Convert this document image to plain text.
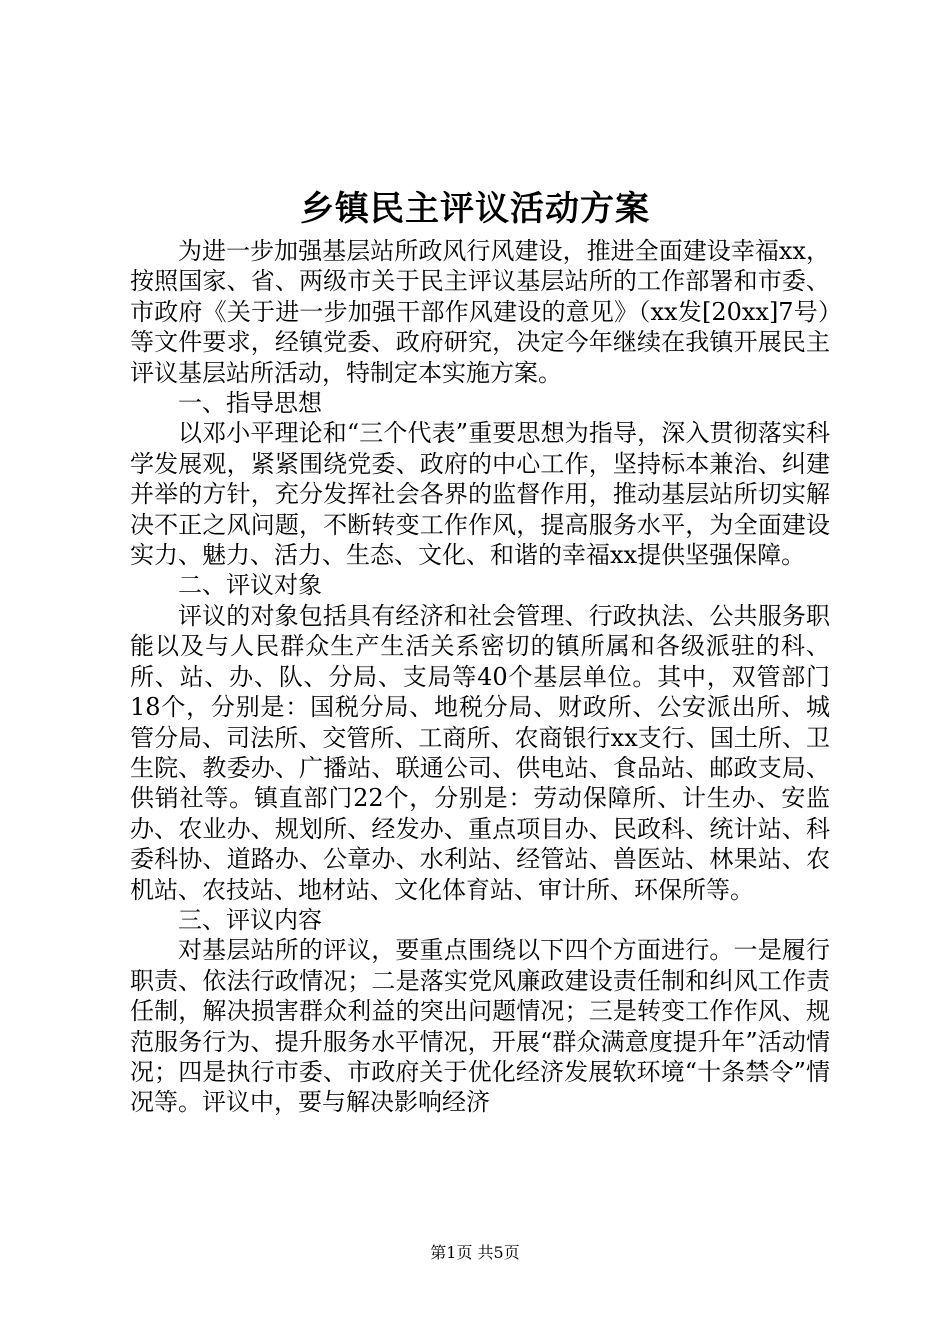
乡镇民主评议活动方案

为进一步加强基层站所政风行风建设，推进全面建设幸福xx，按照国家、省、两级市关于民主评议基层站所的工作部署和市委、市政府《关于进一步加强干部作风建设的意见》（xx发[20xx]7号）等文件要求，经镇党委、政府研究，决定今年继续在我镇开展民主评议基层站所活动，特制定本实施方案。

一、指导思想

以邓小平理论和“三个代表”重要思想为指导，深入贯彻落实科学发展观，紧紧围绕党委、政府的中心工作，坚持标本兼治、纠建并举的方针，充分发挥社会各界的监督作用，推动基层站所切实解决不正之风问题，不断转变工作作风，提高服务水平，为全面建设实力、魅力、活力、生态、文化、和谐的幸福xx提供坚强保障。

二、评议对象

评议的对象包括具有经济和社会管理、行政执法、公共服务职能以及与人民群众生产生活关系密切的镇所属和各级派驻的科、所、站、办、队、分局、支局等40个基层单位。其中，双管部门18个，分别是：国税分局、地税分局、财政所、公安派出所、城管分局、司法所、交管所、工商所、农商银行xx支行、国土所、卫生院、教委办、广播站、联通公司、供电站、食品站、邮政支局、供销社等。镇直部门22个，分别是：劳动保障所、计生办、安监办、农业办、规划所、经发办、重点项目办、民政科、统计站、科委科协、道路办、公章办、水利站、经管站、兽医站、林果站、农机站、农技站、地材站、文化体育站、审计所、环保所等。

三、评议内容

对基层站所的评议，要重点围绕以下四个方面进行。一是履行职责、依法行政情况；二是落实党风廉政建设责任制和纠风工作责任制，解决损害群众利益的突出问题情况；三是转变工作作风、规范服务行为、提升服务水平情况，开展“群众满意度提升年”活动情况；四是执行市委、市政府关于优化经济发展软环境“十条禁令”情况等。评议中，要与解决影响经济

第1页 共5页
